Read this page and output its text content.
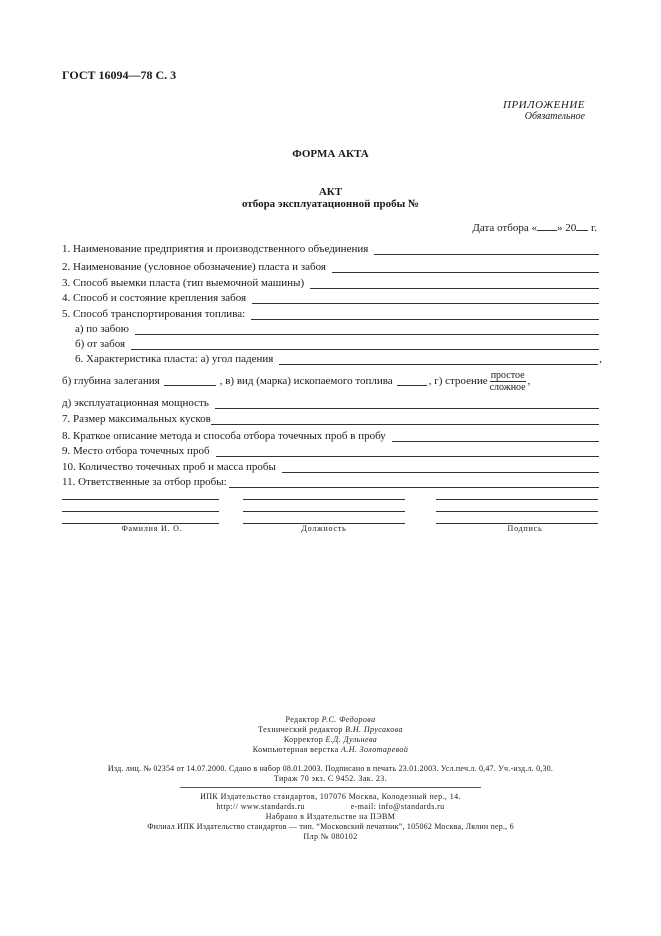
ГОСТ 16094—78 С. 3
ПРИЛОЖЕНИЕ
Обязательное
ФОРМА АКТА
АКТ
отбора эксплуатационной пробы №
Дата отбора « » 20 г.
1. Наименование предприятия и производственного объединения
2. Наименование (условное обозначение) пласта и забоя
3. Способ выемки пласта (тип выемочной машины)
4. Способ и состояние крепления забоя
5. Способ транспортирования топлива:
а) по забою
б) от забоя
6. Характеристика пласта: а) угол падения	,
б) глубина залегания	, в) вид (марка) ископаемого топлива	, г) строение $\frac{\text{простое}}{\text{сложное}}$ ,
д) эксплуатационная мощность
7. Размер максимальных кусков
8. Краткое описание метода и способа отбора точечных проб в пробу
9. Место отбора точечных проб
10. Количество точечных проб и масса пробы
11. Ответственные за отбор пробы:
Фамилия И. О.	Должность	Подпись
Редактор Р.С. Федорова
Технический редактор В.Н. Прусакова
Корректор Е.Д. Дульнева
Компьютерная верстка А.Н. Золотаревой
Изд. лиц. № 02354 от 14.07.2000. Сдано в набор 08.01.2003. Подписано в печать 23.01.2003. Усл.печ.л. 0,47. Уч.-изд.л. 0,30.
Тираж 70 экз. С 9452. Зак. 23.
ИПК Издательство стандартов, 107076 Москва, Колодезный пер., 14.
http:// www.standards.ru	e-mail: info@standards.ru
Набрано в Издательстве на ПЭВМ
Филиал ИПК Издательство стандартов — тип. “Московский печатник”, 105062 Москва, Лялин пер., 6
Плр № 080102
